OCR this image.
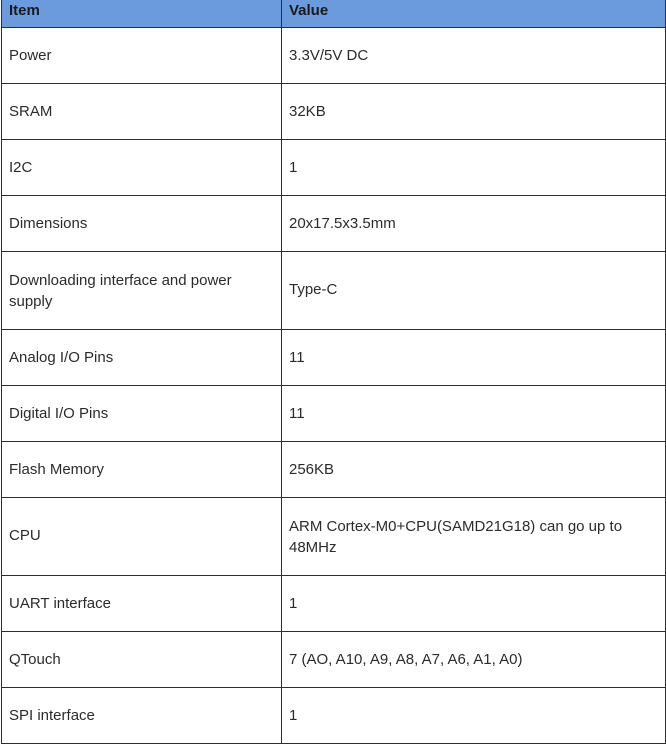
Item	Value
Power	3.3V/5V DC
SRAM	32KB
I2C	1
Dimensions	20x17.5x3.5mm
Downloading interface and power supply	Type-C
Analog I/O Pins	11
Digital I/O Pins	11
Flash Memory	256KB
CPU	ARM Cortex-M0+CPU(SAMD21G18) can go up to 48MHz
UART interface	1
QTouch	7 (AO, A10, A9, A8, A7, A6, A1, A0)
SPI interface	1
